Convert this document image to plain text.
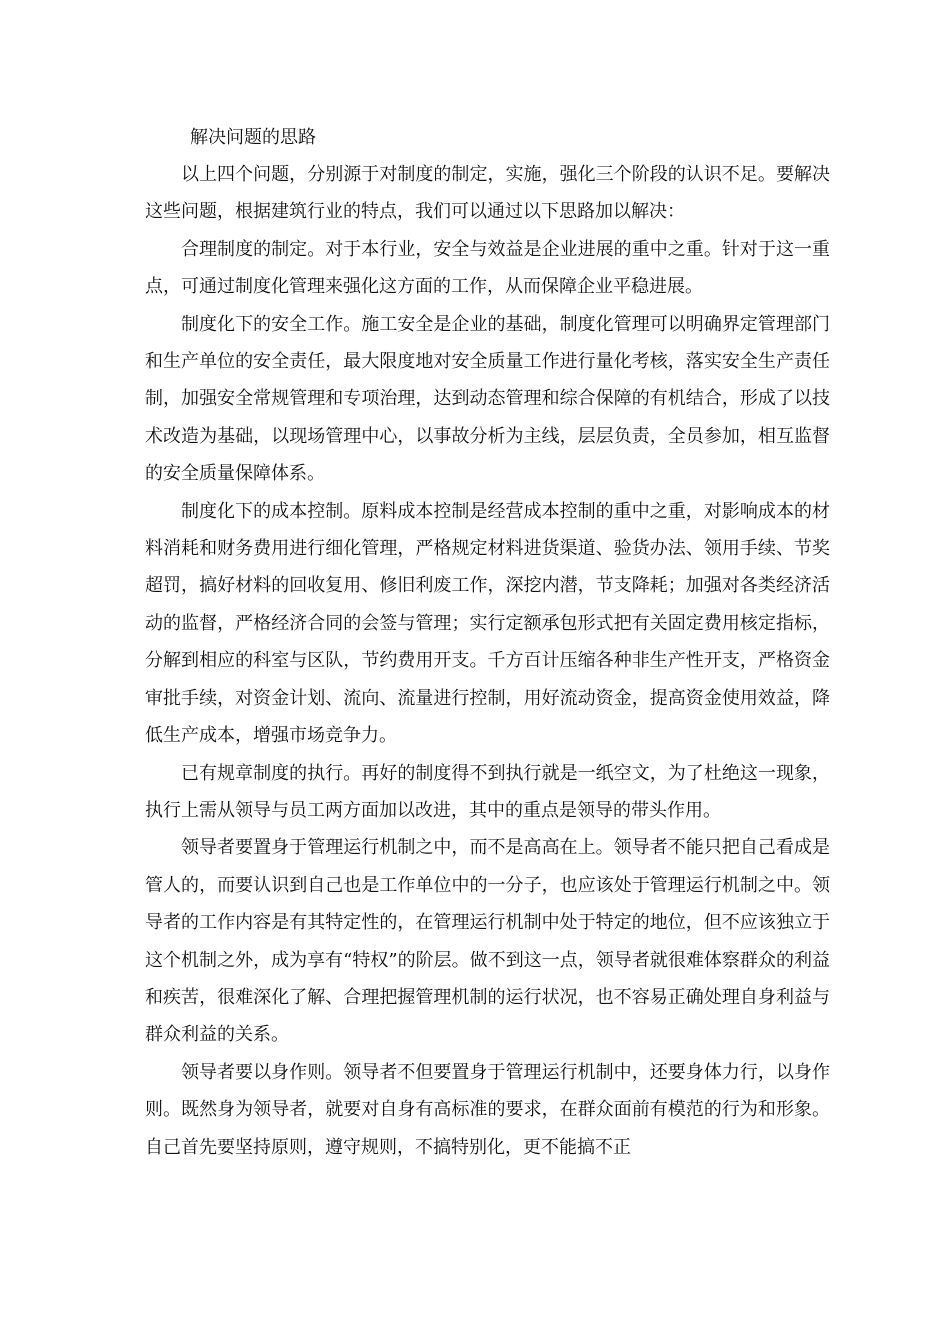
解决问题的思路

以上四个问题，分别源于对制度的制定，实施，强化三个阶段的认识不足。要解决这些问题，根据建筑行业的特点，我们可以通过以下思路加以解决：

合理制度的制定。对于本行业，安全与效益是企业进展的重中之重。针对于这一重点，可通过制度化管理来强化这方面的工作，从而保障企业平稳进展。

制度化下的安全工作。施工安全是企业的基础，制度化管理可以明确界定管理部门和生产单位的安全责任，最大限度地对安全质量工作进行量化考核，落实安全生产责任制，加强安全常规管理和专项治理，达到动态管理和综合保障的有机结合，形成了以技术改造为基础，以现场管理中心，以事故分析为主线，层层负责，全员参加，相互监督的安全质量保障体系。

制度化下的成本控制。原料成本控制是经营成本控制的重中之重，对影响成本的材料消耗和财务费用进行细化管理，严格规定材料进货渠道、验货办法、领用手续、节奖超罚，搞好材料的回收复用、修旧利废工作，深挖内潜，节支降耗；加强对各类经济活动的监督，严格经济合同的会签与管理；实行定额承包形式把有关固定费用核定指标，分解到相应的科室与区队，节约费用开支。千方百计压缩各种非生产性开支，严格资金审批手续，对资金计划、流向、流量进行控制，用好流动资金，提高资金使用效益，降低生产成本，增强市场竞争力。

已有规章制度的执行。再好的制度得不到执行就是一纸空文，为了杜绝这一现象，执行上需从领导与员工两方面加以改进，其中的重点是领导的带头作用。

领导者要置身于管理运行机制之中，而不是高高在上。领导者不能只把自己看成是管人的，而要认识到自己也是工作单位中的一分子，也应该处于管理运行机制之中。领导者的工作内容是有其特定性的，在管理运行机制中处于特定的地位，但不应该独立于这个机制之外，成为享有“特权”的阶层。做不到这一点，领导者就很难体察群众的利益和疾苦，很难深化了解、合理把握管理机制的运行状况，也不容易正确处理自身利益与群众利益的关系。

领导者要以身作则。领导者不但要置身于管理运行机制中，还要身体力行，以身作则。既然身为领导者，就要对自身有高标准的要求，在群众面前有模范的行为和形象。自己首先要坚持原则，遵守规则，不搞特别化，更不能搞不正
